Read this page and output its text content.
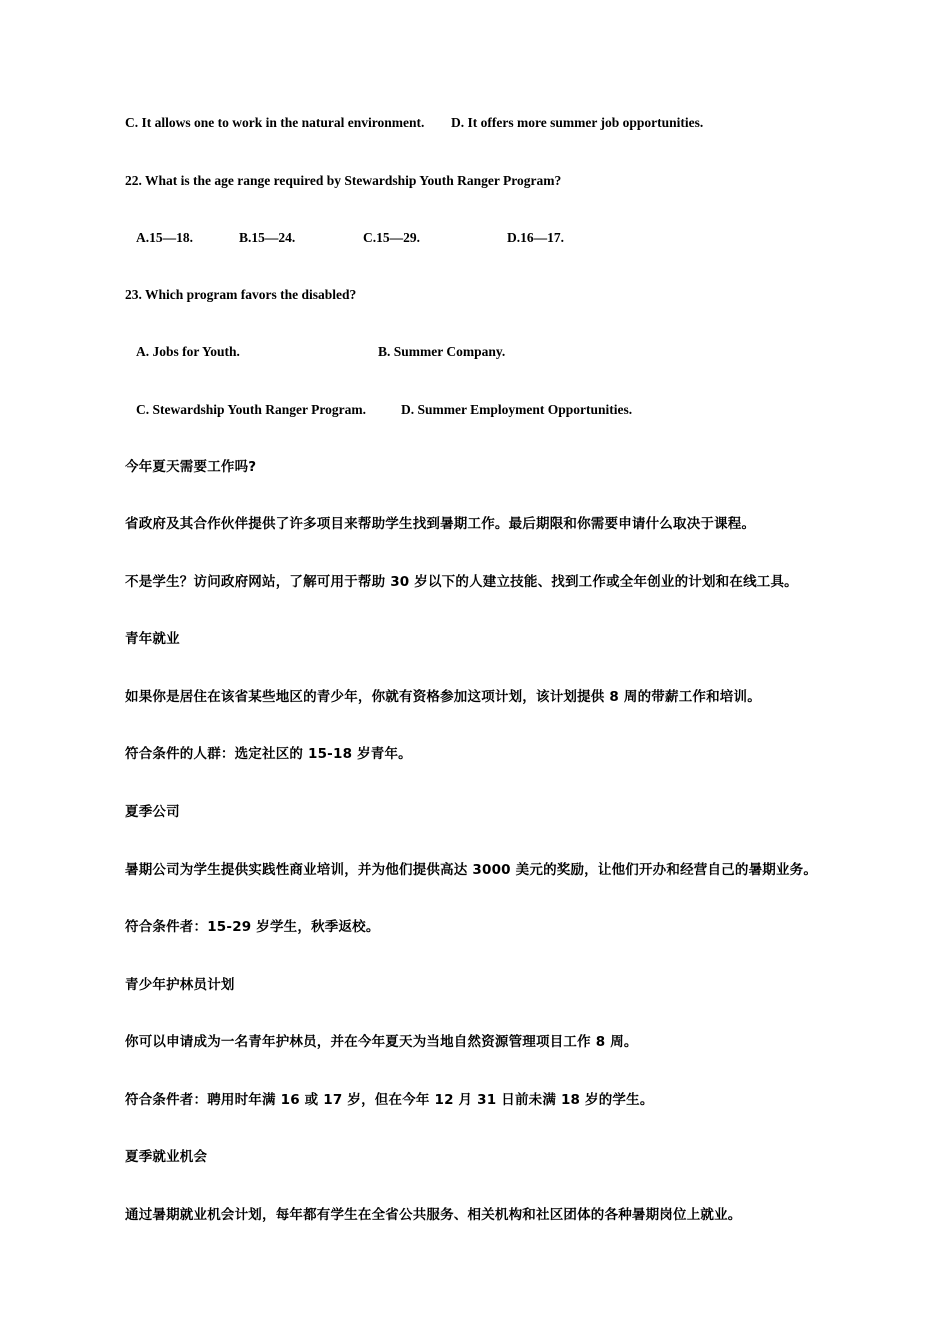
C. It allows one to work in the natural environment. D. It offers more summer job opportunities.
22. What is the age range required by Stewardship Youth Ranger Program?
A.15—18.	B.15—24.	C.15—29.	D.16—17.
23. Which program favors the disabled?
A. Jobs for Youth.	B. Summer Company.
C. Stewardship Youth Ranger Program.	D. Summer Employment Opportunities.
今年夏天需要工作吗?
省政府及其合作伙伴提供了许多项目来帮助学生找到暑期工作。最后期限和你需要申请什么取决于课程。
不是学生？访问政府网站，了解可用于帮助 30 岁以下的人建立技能、找到工作或全年创业的计划和在线工具。
青年就业
如果你是居住在该省某些地区的青少年，你就有资格参加这项计划，该计划提供 8 周的带薪工作和培训。
符合条件的人群：选定社区的 15-18 岁青年。
夏季公司
暑期公司为学生提供实践性商业培训，并为他们提供高达 3000 美元的奖励，让他们开办和经营自己的暑期业务。
符合条件者：15-29 岁学生，秋季返校。
青少年护林员计划
你可以申请成为一名青年护林员，并在今年夏天为当地自然资源管理项目工作 8 周。
符合条件者：聘用时年满 16 或 17 岁，但在今年 12 月 31 日前未满 18 岁的学生。
夏季就业机会
通过暑期就业机会计划，每年都有学生在全省公共服务、相关机构和社区团体的各种暑期岗位上就业。
